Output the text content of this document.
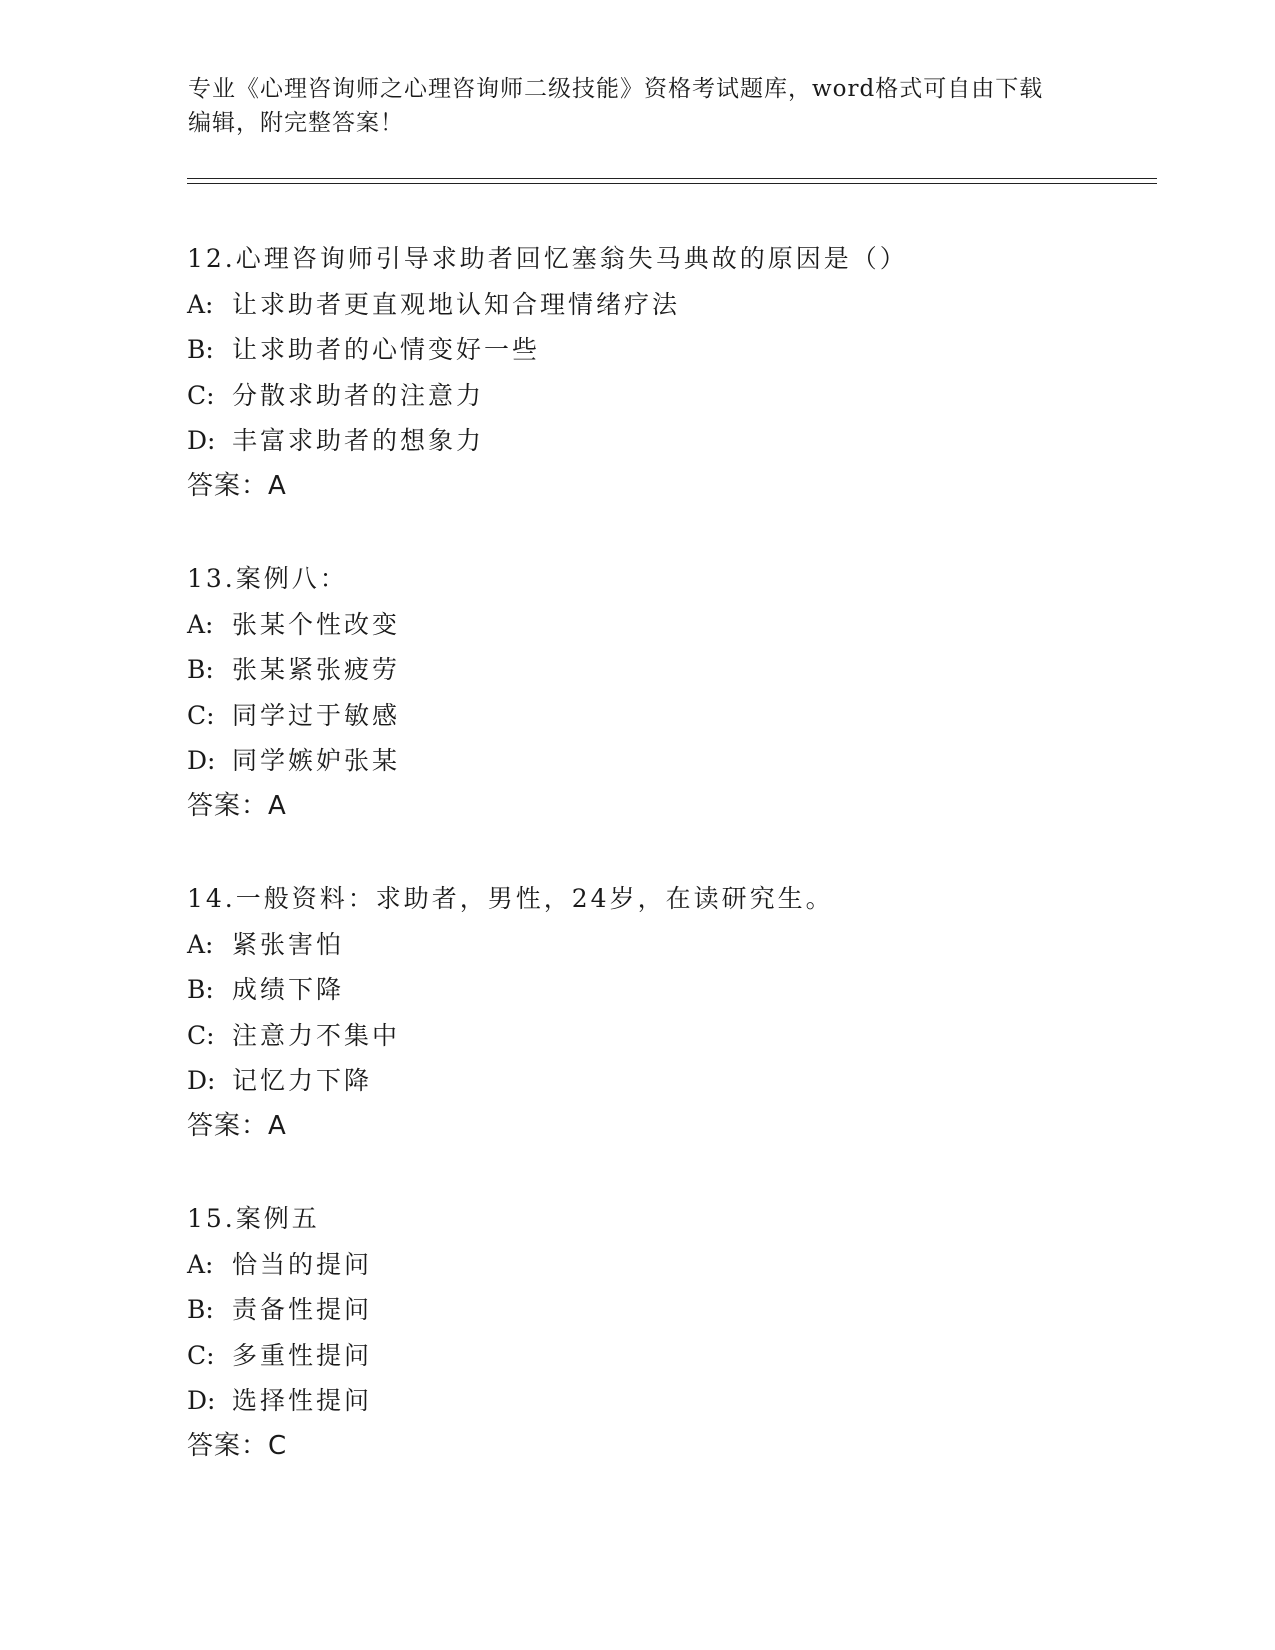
专业《心理咨询师之心理咨询师二级技能》资格考试题库，word格式可自由下载
编辑，附完整答案！
12.心理咨询师引导求助者回忆塞翁失马典故的原因是（）
A: 让求助者更直观地认知合理情绪疗法
B: 让求助者的心情变好一些
C: 分散求助者的注意力
D: 丰富求助者的想象力
答案：A
13.案例八：
A: 张某个性改变
B: 张某紧张疲劳
C: 同学过于敏感
D: 同学嫉妒张某
答案：A
14.一般资料：求助者，男性，24岁，在读研究生。
A: 紧张害怕
B: 成绩下降
C: 注意力不集中
D: 记忆力下降
答案：A
15.案例五
A: 恰当的提问
B: 责备性提问
C: 多重性提问
D: 选择性提问
答案：C
